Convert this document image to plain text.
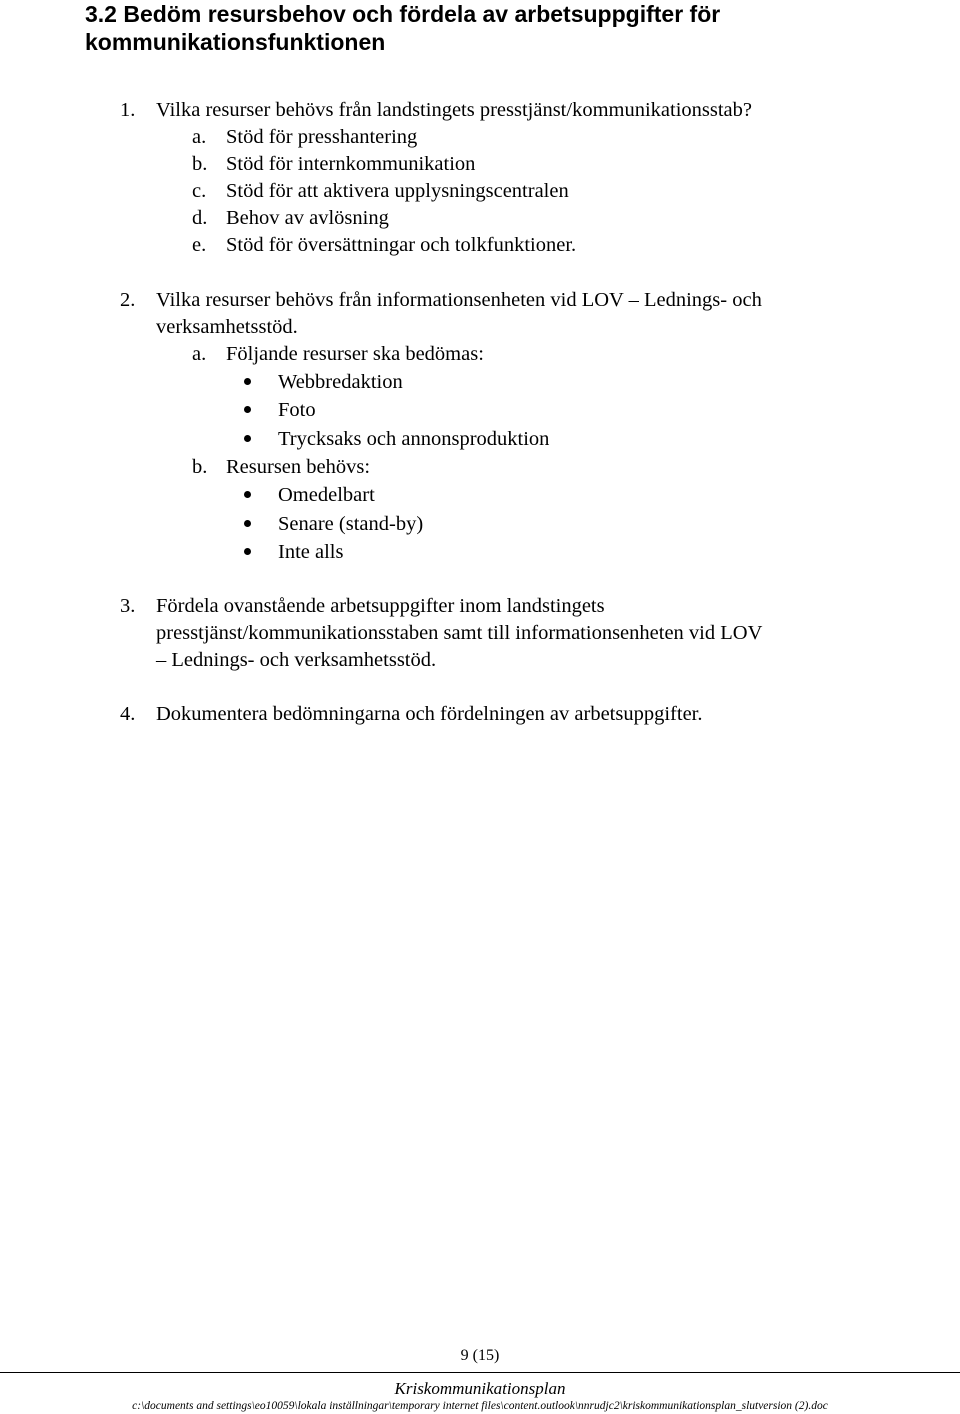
3.2 Bedöm resursbehov och fördela av arbetsuppgifter för
kommunikationsfunktionen
1. Vilka resurser behövs från landstingets presstjänst/kommunikationsstab?
a. Stöd för presshantering
b. Stöd för internkommunikation
c. Stöd för att aktivera upplysningscentralen
d. Behov av avlösning
e. Stöd för översättningar och tolkfunktioner.
2. Vilka resurser behövs från informationsenheten vid LOV – Lednings- och
verksamhetsstöd.
a. Följande resurser ska bedömas:
Webbredaktion
Foto
Trycksaks och annonsproduktion
b. Resursen behövs:
Omedelbart
Senare (stand-by)
Inte alls
3. Fördela ovanstående arbetsuppgifter inom landstingets
presstjänst/kommunikationsstaben samt till informationsenheten vid LOV
– Lednings- och verksamhetsstöd.
4. Dokumentera bedömningarna och fördelningen av arbetsuppgifter.
9 (15)
Kriskommunikationsplan
c:\documents and settings\eo10059\lokala inställningar\temporary internet files\content.outlook\nnrudjc2\kriskommunikationsplan_slutversion (2).doc
